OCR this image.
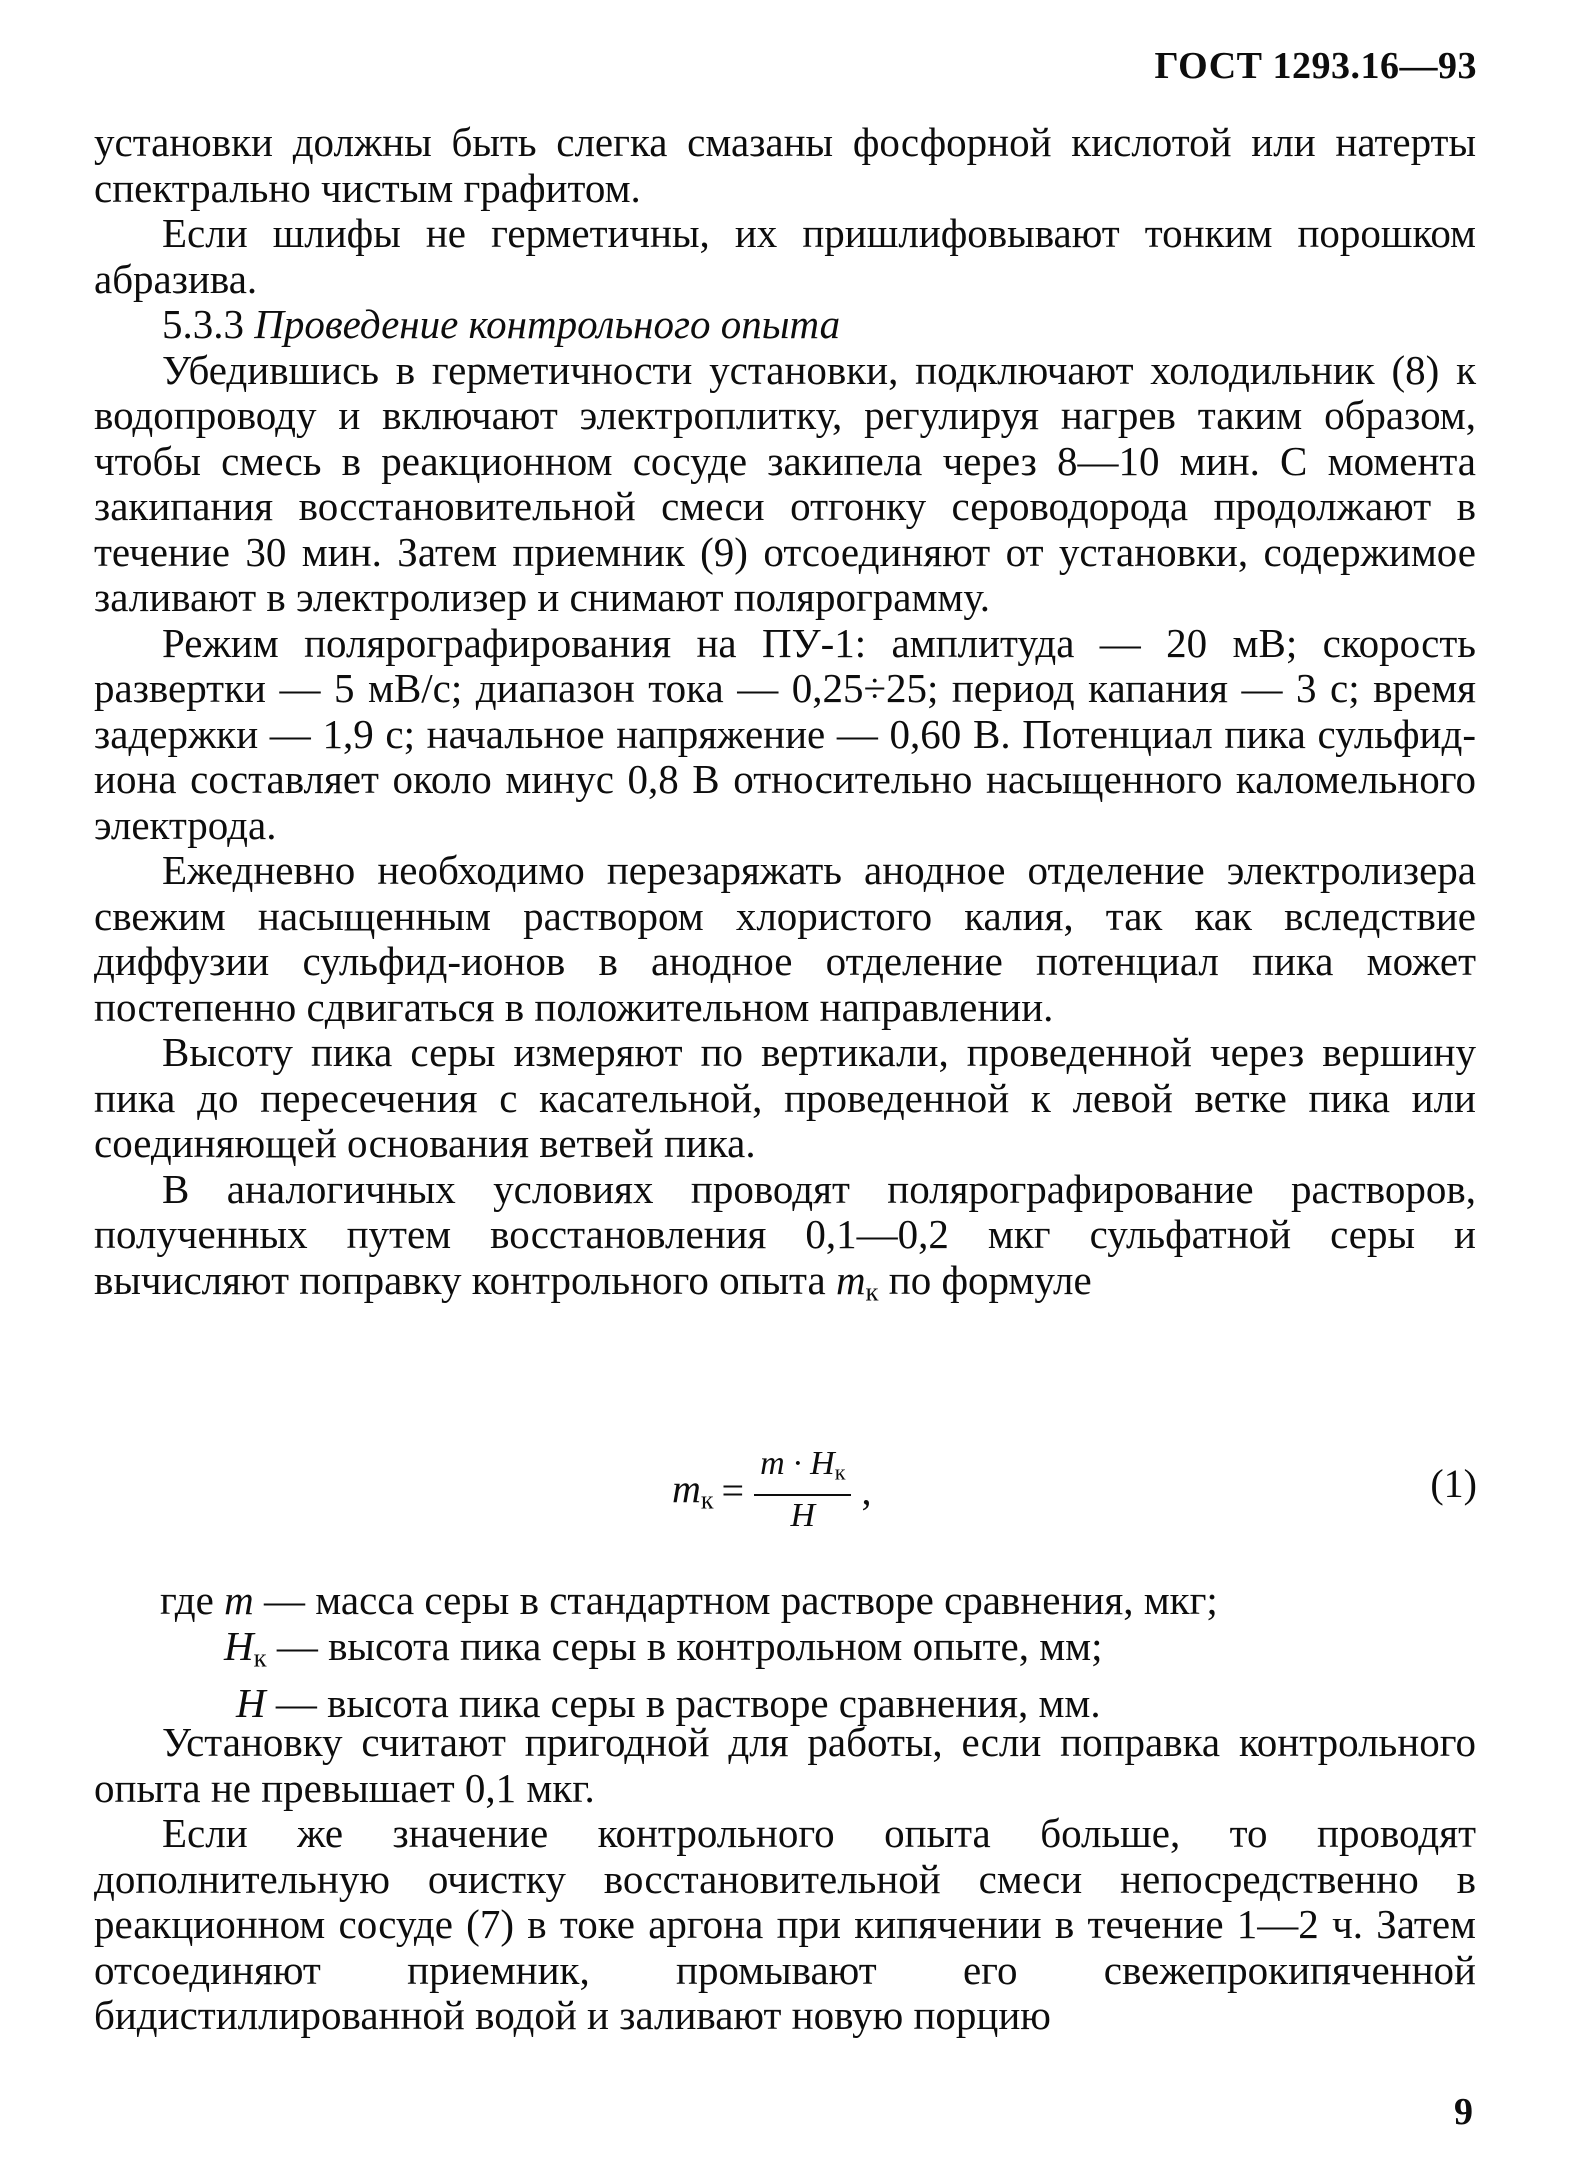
ГОСТ 1293.16—93

установки должны быть слегка смазаны фосфорной кислотой или натерты спектрально чистым графитом.

Если шлифы не герметичны, их пришлифовывают тонким порошком абразива.

5.3.3 Проведение контрольного опыта

Убедившись в герметичности установки, подключают холодильник (8) к водопроводу и включают электроплитку, регулируя нагрев таким образом, чтобы смесь в реакционном сосуде закипела через 8—10 мин. С момента закипания восстановительной смеси отгонку сероводорода продолжают в течение 30 мин. Затем приемник (9) отсоединяют от установки, содержимое заливают в электролизер и снимают полярограмму.

Режим полярографирования на ПУ-1: амплитуда — 20 мВ; скорость развертки — 5 мВ/с; диапазон тока — 0,25÷25; период капания — 3 с; время задержки — 1,9 с; начальное напряжение — 0,60 В. Потенциал пика сульфид-иона составляет около минус 0,8 В относительно насыщенного каломельного электрода.

Ежедневно необходимо перезаряжать анодное отделение электролизера свежим насыщенным раствором хлористого калия, так как вследствие диффузии сульфид-ионов в анодное отделение потенциал пика может постепенно сдвигаться в положительном направлении.

Высоту пика серы измеряют по вертикали, проведенной через вершину пика до пересечения с касательной, проведенной к левой ветке пика или соединяющей основания ветвей пика.

В аналогичных условиях проводят полярографирование растворов, полученных путем восстановления 0,1—0,2 мкг сульфатной серы и вычисляют поправку контрольного опыта $m_к$ по формуле

$m_к = \frac{m \cdot H_к}{H}$ ,	(1)
где m — масса серы в стандартном растворе сравнения, мкг;
$H_к$ — высота пика серы в контрольном опыте, мм;
H — высота пика серы в растворе сравнения, мм.

Установку считают пригодной для работы, если поправка контрольного опыта не превышает 0,1 мкг.

Если же значение контрольного опыта больше, то проводят дополнительную очистку восстановительной смеси непосредственно в реакционном сосуде (7) в токе аргона при кипячении в течение 1—2 ч. Затем отсоединяют приемник, промывают его свежепрокипяченной бидистиллированной водой и заливают новую порцию

9
